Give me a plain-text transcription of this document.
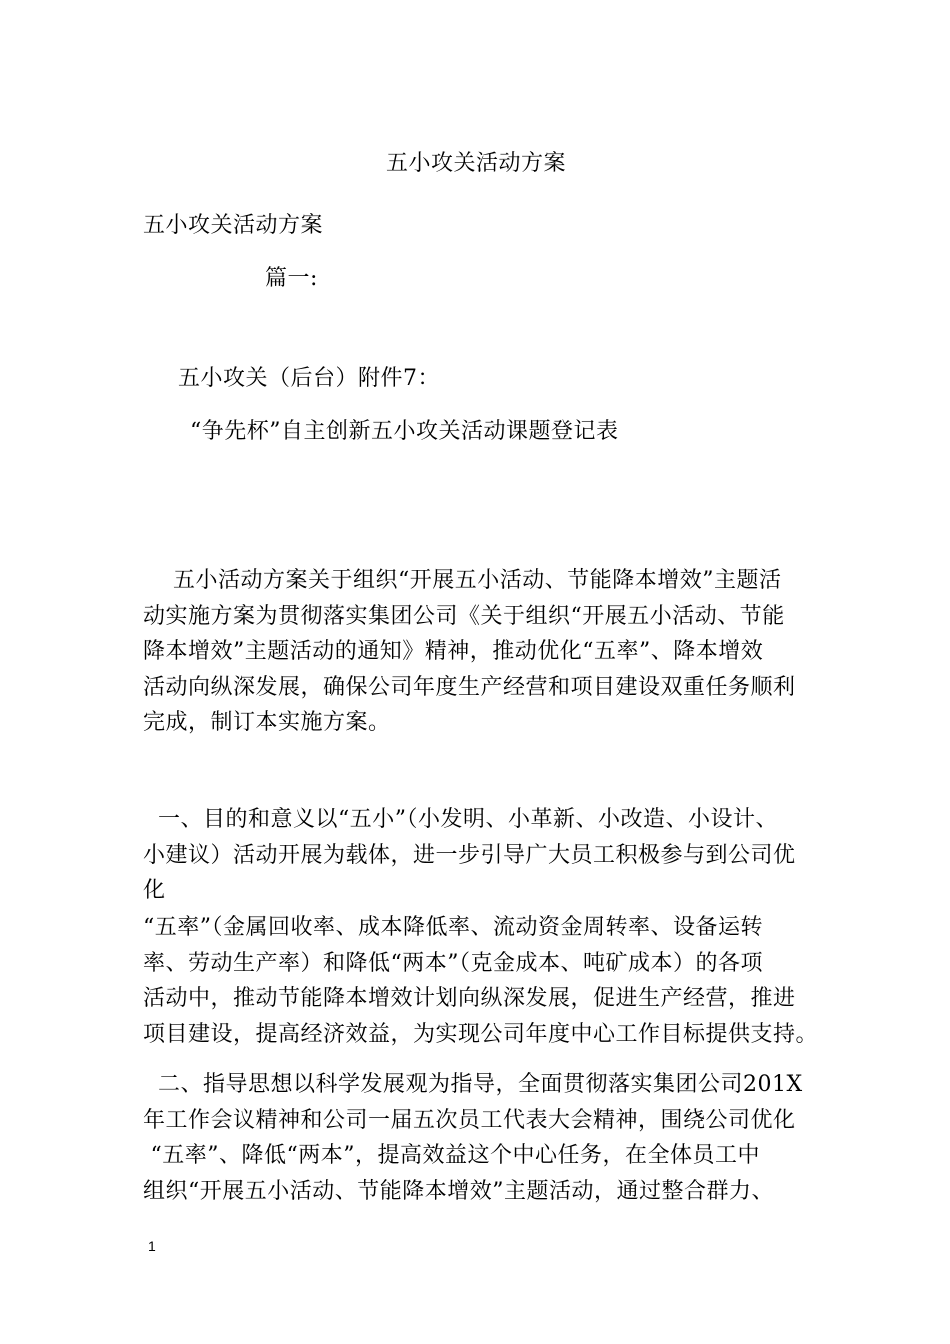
五小攻关活动方案
五小攻关活动方案
篇一:
五小攻关（后台）附件7：
“争先杯”自主创新五小攻关活动课题登记表

五小活动方案关于组织“开展五小活动、节能降本增效”主题活
动实施方案为贯彻落实集团公司《关于组织“开展五小活动、节能
降本增效”主题活动的通知》精神，推动优化“五率”、降本增效
活动向纵深发展，确保公司年度生产经营和项目建设双重任务顺利
完成，制订本实施方案。

一、目的和意义以“五小”（小发明、小革新、小改造、小设计、
小建议）活动开展为载体，进一步引导广大员工积极参与到公司优
化

“五率”（金属回收率、成本降低率、流动资金周转率、设备运转
率、劳动生产率）和降低“两本”（克金成本、吨矿成本）的各项
活动中，推动节能降本增效计划向纵深发展，促进生产经营，推进
项目建设，提高经济效益，为实现公司年度中心工作目标提供支持。

二、指导思想以科学发展观为指导，全面贯彻落实集团公司201X
年工作会议精神和公司一届五次员工代表大会精神，围绕公司优化
“五率”、降低“两本”，提高效益这个中心任务，在全体员工中
组织“开展五小活动、节能降本增效”主题活动，通过整合群力、

1
